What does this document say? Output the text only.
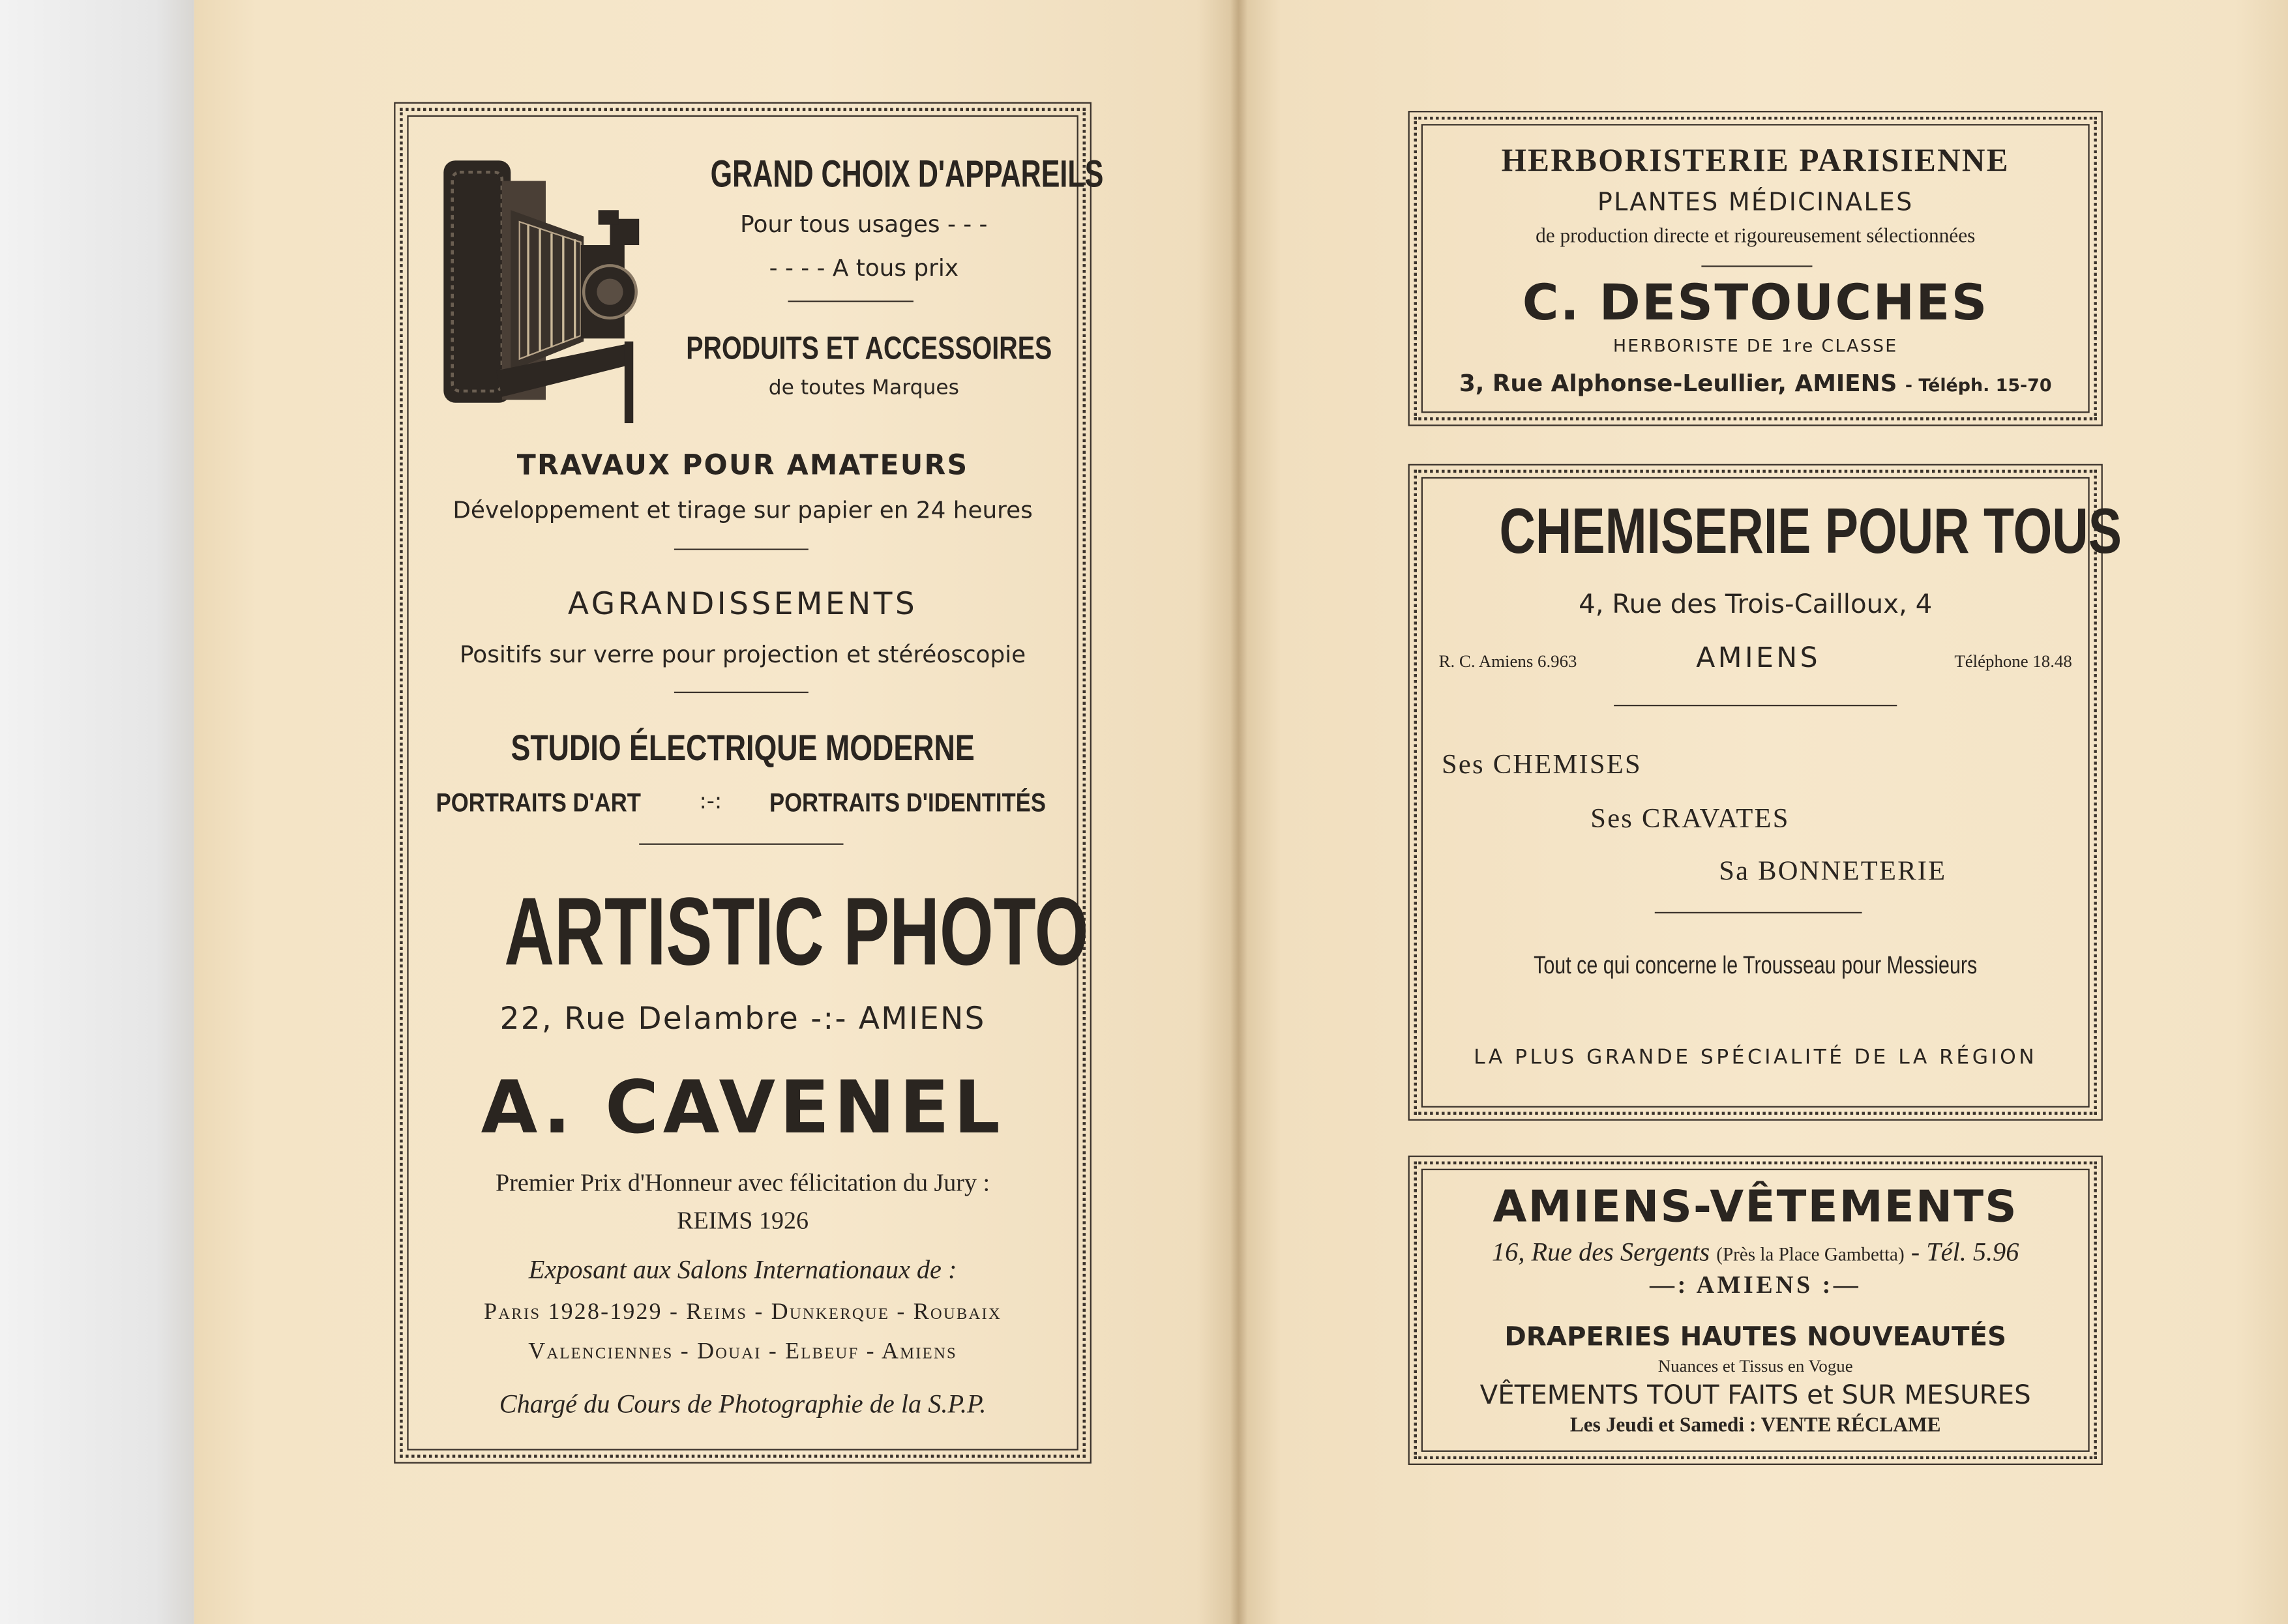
GRAND CHOIX D'APPAREILS
Pour tous usages - - -
- - - - A tous prix
PRODUITS ET ACCESSOIRES
de toutes Marques
TRAVAUX POUR AMATEURS
Développement et tirage sur papier en 24 heures
AGRANDISSEMENTS
Positifs sur verre pour projection et stéréoscopie
STUDIO ÉLECTRIQUE MODERNE
PORTRAITS D'ART	:-:	PORTRAITS D'IDENTITÉS
ARTISTIC PHOTO
22, Rue Delambre -:- AMIENS
A. CAVENEL
Premier Prix d'Honneur avec félicitation du Jury :
REIMS 1926
Exposant aux Salons Internationaux de :
Paris 1928-1929 - Reims - Dunkerque - Roubaix
Valenciennes - Douai - Elbeuf - Amiens
Chargé du Cours de Photographie de la S.P.P.
HERBORISTERIE PARISIENNE
PLANTES MÉDICINALES
de production directe et rigoureusement sélectionnées
C. DESTOUCHES
HERBORISTE DE 1re CLASSE
3, Rue Alphonse-Leullier, AMIENS - Téléph. 15-70
CHEMISERIE POUR TOUS
4, Rue des Trois-Cailloux, 4
R. C. Amiens 6.963	AMIENS	Téléphone 18.48
Ses CHEMISES
Ses CRAVATES
Sa BONNETERIE
Tout ce qui concerne le Trousseau pour Messieurs
LA PLUS GRANDE SPÉCIALITÉ DE LA RÉGION
AMIENS-VÊTEMENTS
16, Rue des Sergents (Près la Place Gambetta) - Tél. 5.96
—: AMIENS :—
DRAPERIES HAUTES NOUVEAUTÉS
Nuances et Tissus en Vogue
VÊTEMENTS TOUT FAITS et SUR MESURES
Les Jeudi et Samedi : VENTE RÉCLAME
